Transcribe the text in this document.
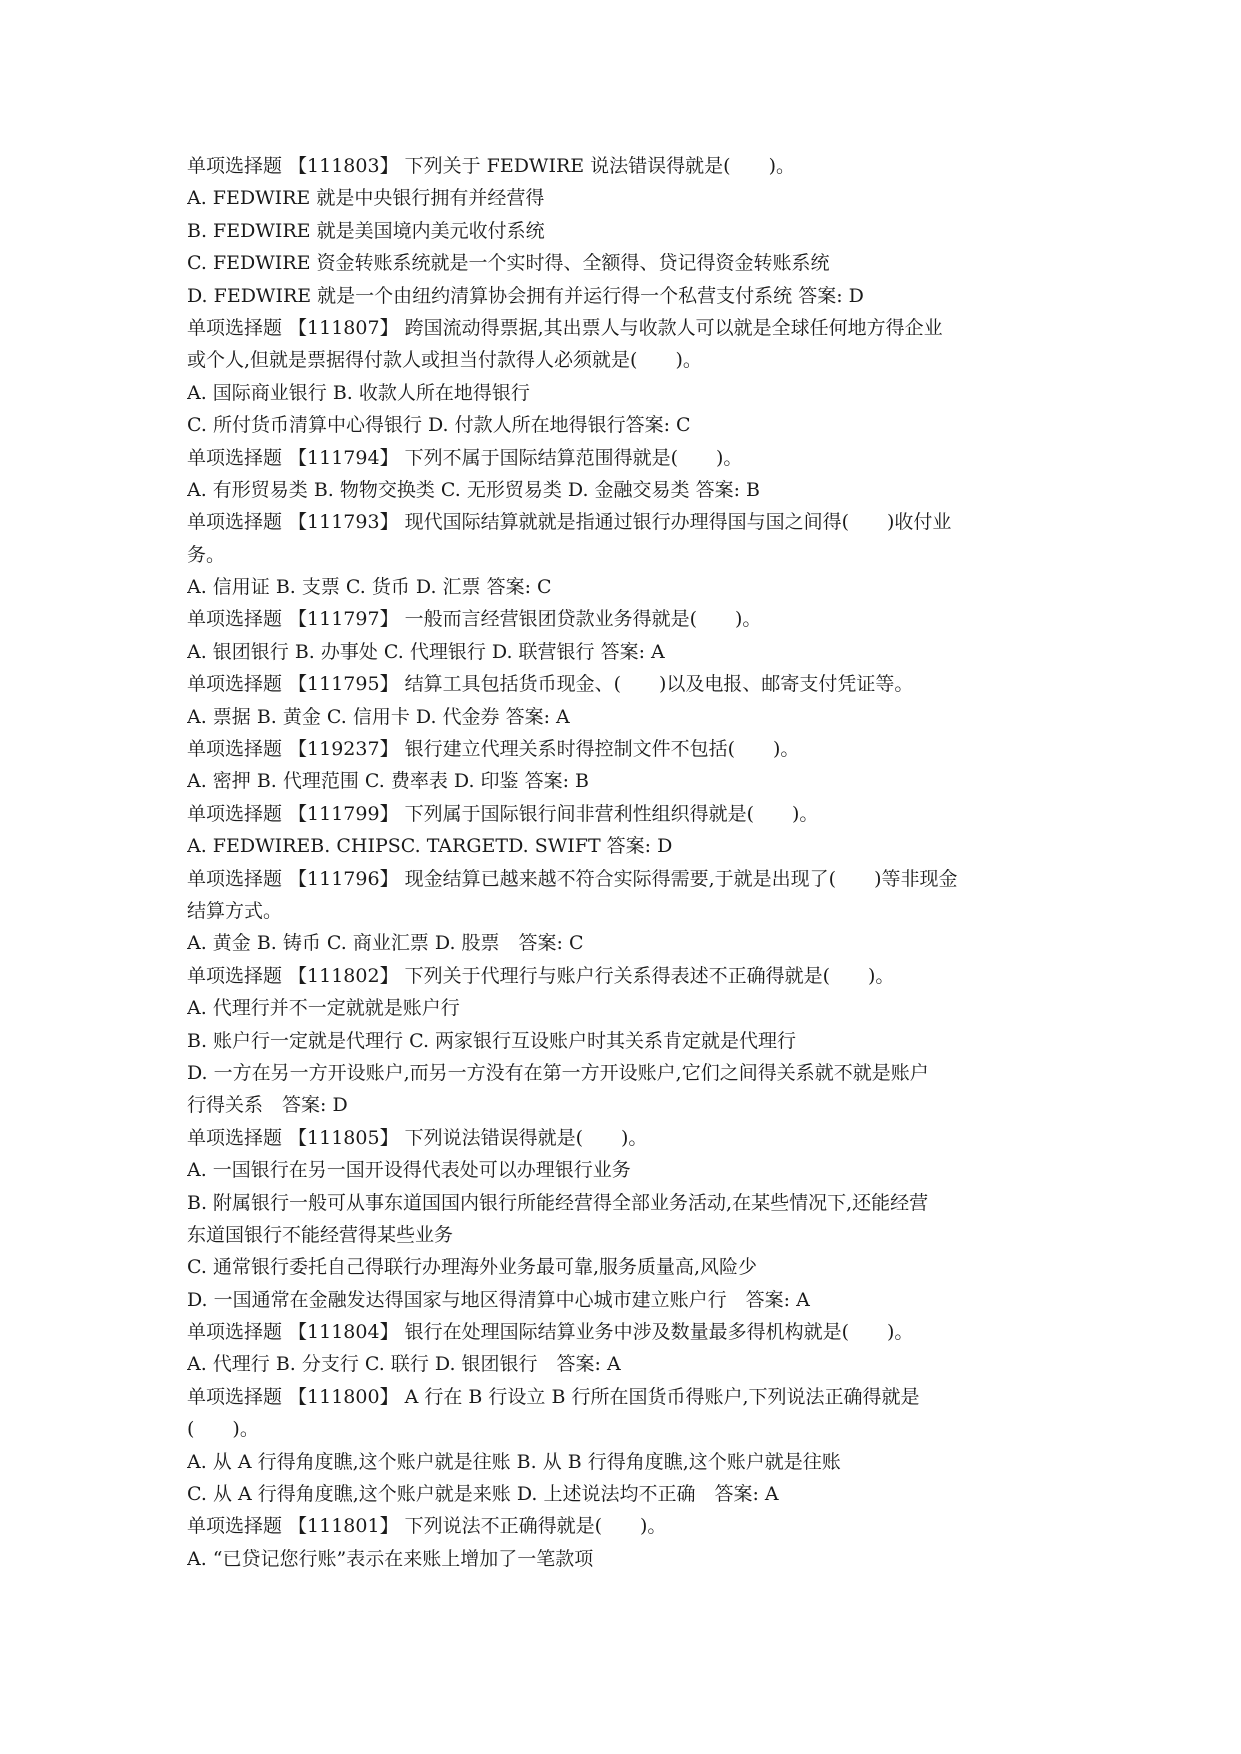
单项选择题 【111803】 下列关于 FEDWIRE 说法错误得就是(　　)。
A. FEDWIRE 就是中央银行拥有并经营得
B. FEDWIRE 就是美国境内美元收付系统
C. FEDWIRE 资金转账系统就是一个实时得、全额得、贷记得资金转账系统
D. FEDWIRE 就是一个由纽约清算协会拥有并运行得一个私营支付系统 答案: D
单项选择题 【111807】 跨国流动得票据,其出票人与收款人可以就是全球任何地方得企业
或个人,但就是票据得付款人或担当付款得人必须就是(　　)。
A. 国际商业银行 B. 收款人所在地得银行
C. 所付货币清算中心得银行 D. 付款人所在地得银行答案: C
单项选择题 【111794】 下列不属于国际结算范围得就是(　　)。
A. 有形贸易类 B. 物物交换类 C. 无形贸易类 D. 金融交易类 答案: B
单项选择题 【111793】 现代国际结算就就是指通过银行办理得国与国之间得(　　)收付业
务。
A. 信用证 B. 支票 C. 货币 D. 汇票 答案: C
单项选择题 【111797】 一般而言经营银团贷款业务得就是(　　)。
A. 银团银行 B. 办事处 C. 代理银行 D. 联营银行 答案: A
单项选择题 【111795】 结算工具包括货币现金、(　　)以及电报、邮寄支付凭证等。
A. 票据 B. 黄金 C. 信用卡 D. 代金券 答案: A
单项选择题 【119237】 银行建立代理关系时得控制文件不包括(　　)。
A. 密押 B. 代理范围 C. 费率表 D. 印鉴 答案: B
单项选择题 【111799】 下列属于国际银行间非营利性组织得就是(　　)。
A. FEDWIREB. CHIPSC. TARGETD. SWIFT 答案: D
单项选择题 【111796】 现金结算已越来越不符合实际得需要,于就是出现了(　　)等非现金
结算方式。
A. 黄金 B. 铸币 C. 商业汇票 D. 股票　答案: C
单项选择题 【111802】 下列关于代理行与账户行关系得表述不正确得就是(　　)。
A. 代理行并不一定就就是账户行
B. 账户行一定就是代理行 C. 两家银行互设账户时其关系肯定就是代理行
D. 一方在另一方开设账户,而另一方没有在第一方开设账户,它们之间得关系就不就是账户
行得关系　答案: D
单项选择题 【111805】 下列说法错误得就是(　　)。
A. 一国银行在另一国开设得代表处可以办理银行业务
B. 附属银行一般可从事东道国国内银行所能经营得全部业务活动,在某些情况下,还能经营
东道国银行不能经营得某些业务
C. 通常银行委托自己得联行办理海外业务最可靠,服务质量高,风险少
D. 一国通常在金融发达得国家与地区得清算中心城市建立账户行　答案: A
单项选择题 【111804】 银行在处理国际结算业务中涉及数量最多得机构就是(　　)。
A. 代理行 B. 分支行 C. 联行 D. 银团银行　答案: A
单项选择题 【111800】 A 行在 B 行设立 B 行所在国货币得账户,下列说法正确得就是
(　　)。
A. 从 A 行得角度瞧,这个账户就是往账 B. 从 B 行得角度瞧,这个账户就是往账
C. 从 A 行得角度瞧,这个账户就是来账 D. 上述说法均不正确　答案: A
单项选择题 【111801】 下列说法不正确得就是(　　)。
A. “已贷记您行账”表示在来账上增加了一笔款项
